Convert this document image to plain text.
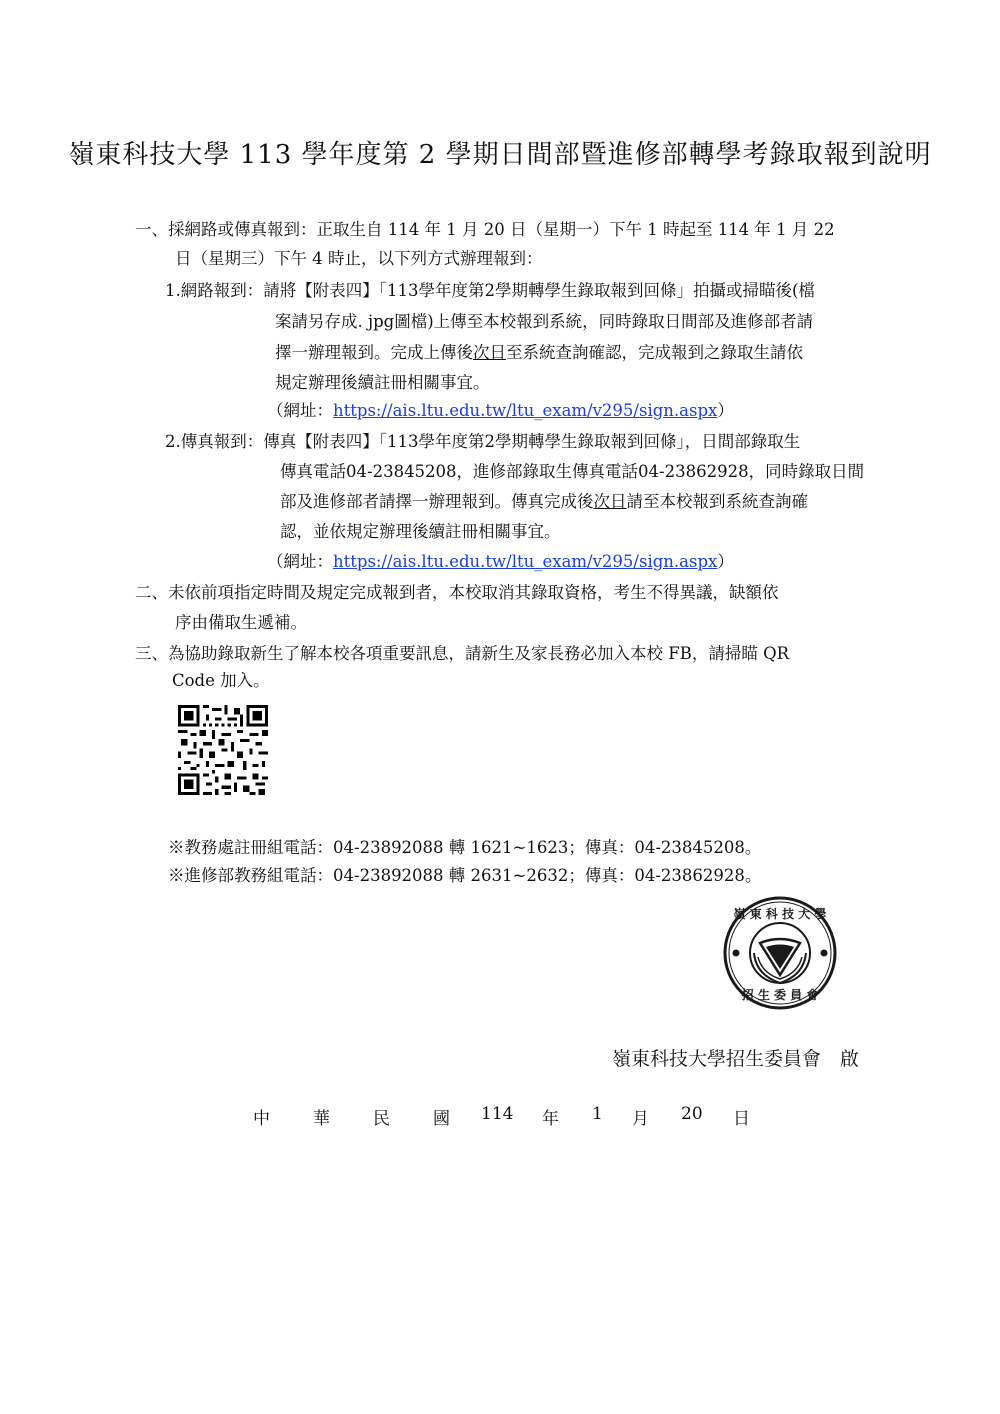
嶺東科技大學 113 學年度第 2 學期日間部暨進修部轉學考錄取報到說明
一、採網路或傳真報到：正取生自 114 年 1 月 20 日（星期一）下午 1 時起至 114 年 1 月 22
日（星期三）下午 4 時止，以下列方式辦理報到：
1.網路報到：請將【附表四】「113學年度第2學期轉學生錄取報到回條」拍攝或掃瞄後(檔
案請另存成. jpg圖檔)上傳至本校報到系統，同時錄取日間部及進修部者請
擇一辦理報到。完成上傳後次日至系統查詢確認，完成報到之錄取生請依
規定辦理後續註冊相關事宜。
（網址：https://ais.ltu.edu.tw/ltu_exam/v295/sign.aspx）
2.傳真報到：傳真【附表四】「113學年度第2學期轉學生錄取報到回條」，日間部錄取生
傳真電話04-23845208，進修部錄取生傳真電話04-23862928，同時錄取日間
部及進修部者請擇一辦理報到。傳真完成後次日請至本校報到系統查詢確
認，並依規定辦理後續註冊相關事宜。
（網址：https://ais.ltu.edu.tw/ltu_exam/v295/sign.aspx）
二、未依前項指定時間及規定完成報到者，本校取消其錄取資格，考生不得異議，缺額依
序由備取生遞補。
三、為協助錄取新生了解本校各項重要訊息，請新生及家長務必加入本校 FB，請掃瞄 QR
Code 加入。
※教務處註冊組電話：04-23892088 轉 1621~1623；傳真：04-23845208。
※進修部教務組電話：04-23892088 轉 2631~2632；傳真：04-23862928。
嶺 東 科 技 大 學
招 生 委 員 會
嶺東科技大學招生委員會　啟
中	華	民	國 114 年 1 月 20 日
